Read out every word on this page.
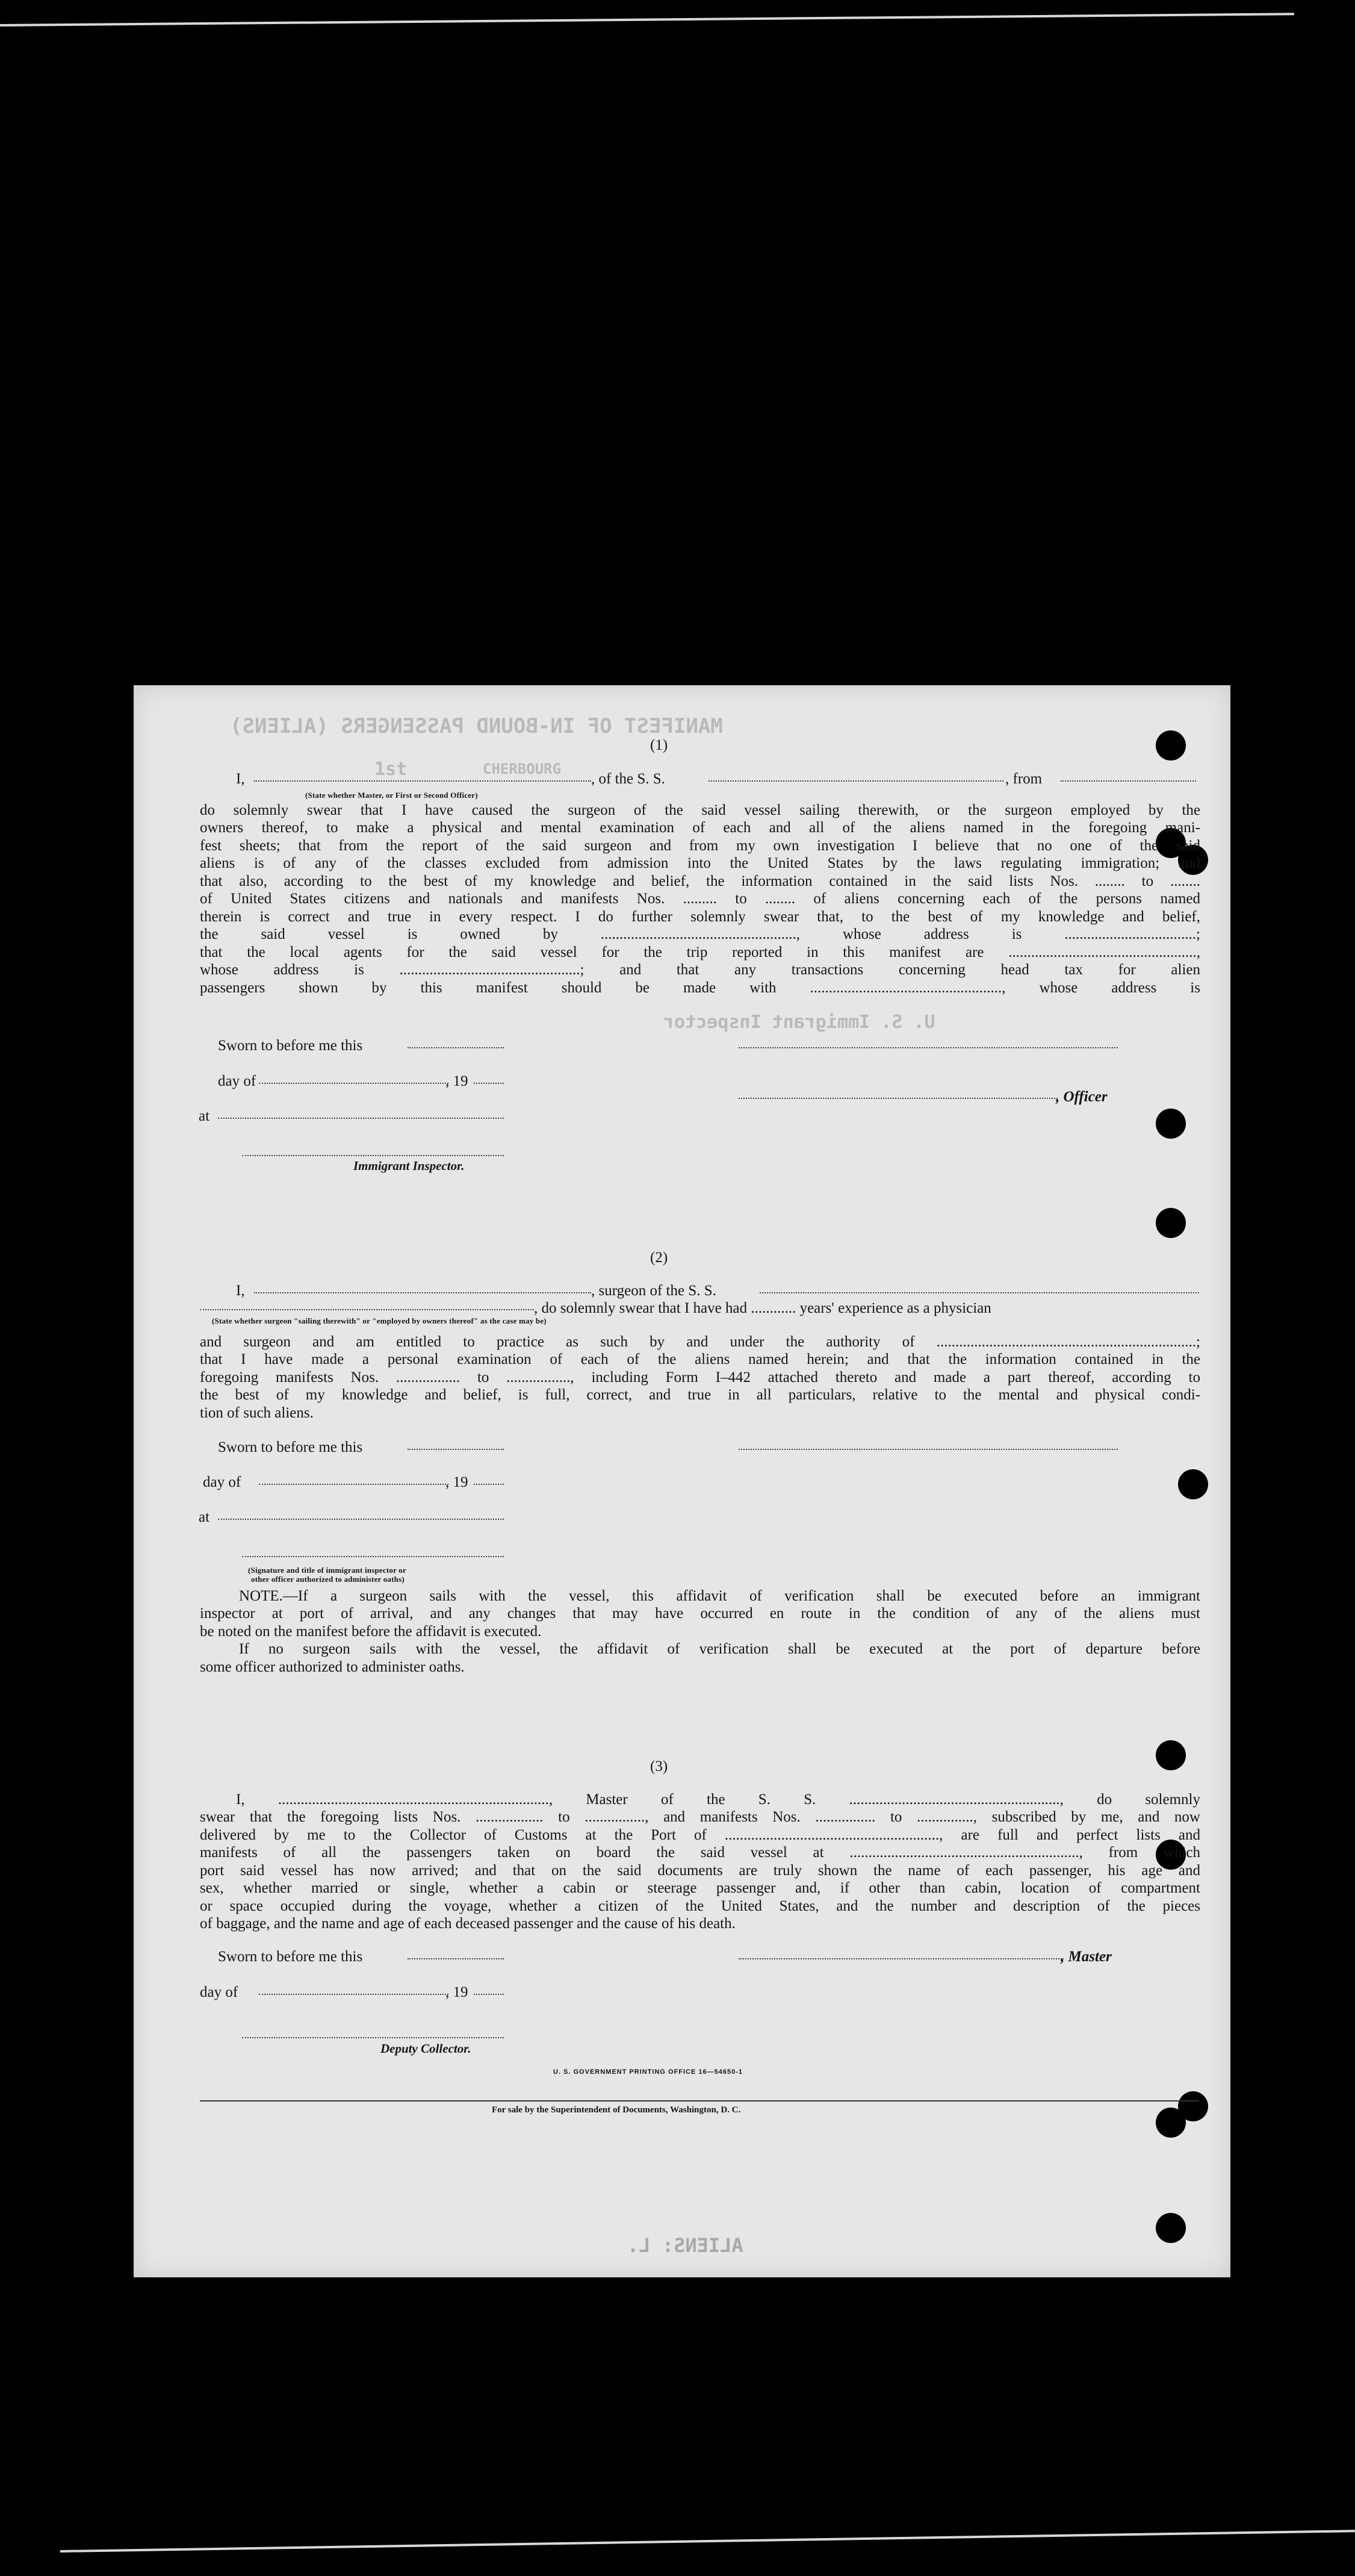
MANIFEST OF IN-BOUND PASSENGERS (ALIENS)
1st	CHERBOURG
U. S. Immigrant Inspector
ALIENS: L.
(1)
I,	, of the S. S.	, from
(State whether Master, or First or Second Officer)
do solemnly swear that I have caused the surgeon of the said vessel sailing therewith, or the surgeon employed by the
owners thereof, to make a physical and mental examination of each and all of the aliens named in the foregoing mani-
fest sheets; that from the report of the said surgeon and from my own investigation I believe that no one of the said
aliens is of any of the classes excluded from admission into the United States by the laws regulating immigration; and
that also, according to the best of my knowledge and belief, the information contained in the said lists Nos. ........ to ........
of United States citizens and nationals and manifests Nos. ......... to ........ of aliens concerning each of the persons named
therein is correct and true in every respect. I do further solemnly swear that, to the best of my knowledge and belief,
the said vessel is owned by ...................................................., whose address is ...................................;
that the local agents for the said vessel for the trip reported in this manifest are ..................................................,
whose address is ................................................; and that any transactions concerning head tax for alien
passengers shown by this manifest should be made with ..................................................., whose address is
Sworn to before me this
day of	, 19
, Officer
at
Immigrant Inspector.
(2)
I,	, surgeon of the S. S.
, do solemnly swear that I have had ............ years' experience as a physician
(State whether surgeon "sailing therewith" or "employed by owners thereof" as the case may be)
and surgeon and am entitled to practice as such by and under the authority of .....................................................................;
that I have made a personal examination of each of the aliens named herein; and that the information contained in the
foregoing manifests Nos. ................. to ................., including Form I–442 attached thereto and made a part thereof, according to
the best of my knowledge and belief, is full, correct, and true in all particulars, relative to the mental and physical condi-
tion of such aliens.
Sworn to before me this
day of	, 19
at
(Signature and title of immigrant inspector or
other officer authorized to administer oaths)
NOTE.—If a surgeon sails with the vessel, this affidavit of verification shall be executed before an immigrant
inspector at port of arrival, and any changes that may have occurred en route in the condition of any of the aliens must
be noted on the manifest before the affidavit is executed.
If no surgeon sails with the vessel, the affidavit of verification shall be executed at the port of departure before
some officer authorized to administer oaths.
(3)
I, ........................................................................, Master of the S. S. ........................................................, do solemnly
swear that the foregoing lists Nos. .................. to ................, and manifests Nos. ................ to ..............., subscribed by me, and now
delivered by me to the Collector of Customs at the Port of ........................................................., are full and perfect lists and
manifests of all the passengers taken on board the said vessel at ............................................................., from which
port said vessel has now arrived; and that on the said documents are truly shown the name of each passenger, his age and
sex, whether married or single, whether a cabin or steerage passenger and, if other than cabin, location of compartment
or space occupied during the voyage, whether a citizen of the United States, and the number and description of the pieces
of baggage, and the name and age of each deceased passenger and the cause of his death.
Sworn to before me this	, Master
day of	, 19
Deputy Collector.
U. S. GOVERNMENT PRINTING OFFICE 16—54650-1
For sale by the Superintendent of Documents, Washington, D. C.
